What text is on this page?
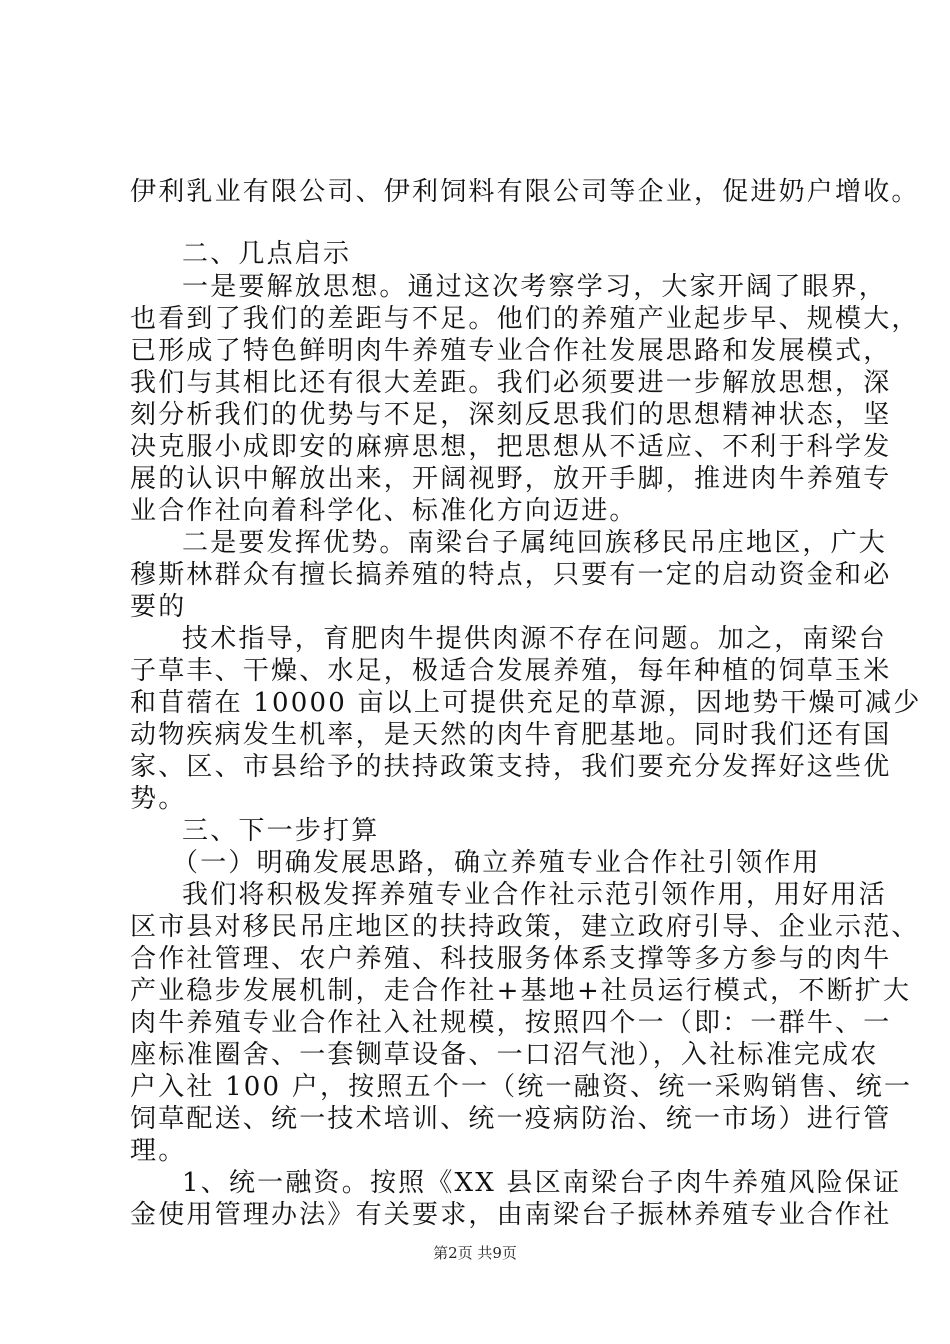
伊利乳业有限公司、伊利饲料有限公司等企业，促进奶户增收。
二、几点启示
一是要解放思想。通过这次考察学习，大家开阔了眼界，
也看到了我们的差距与不足。他们的养殖产业起步早、规模大，
已形成了特色鲜明肉牛养殖专业合作社发展思路和发展模式，
我们与其相比还有很大差距。我们必须要进一步解放思想，深
刻分析我们的优势与不足，深刻反思我们的思想精神状态，坚
决克服小成即安的麻痹思想，把思想从不适应、不利于科学发
展的认识中解放出来，开阔视野，放开手脚，推进肉牛养殖专
业合作社向着科学化、标准化方向迈进。
二是要发挥优势。南梁台子属纯回族移民吊庄地区，广大
穆斯林群众有擅长搞养殖的特点，只要有一定的启动资金和必
要的
技术指导，育肥肉牛提供肉源不存在问题。加之，南梁台
子草丰、干燥、水足，极适合发展养殖，每年种植的饲草玉米
和苜蓿在 10000 亩以上可提供充足的草源，因地势干燥可减少
动物疾病发生机率，是天然的肉牛育肥基地。同时我们还有国
家、区、市县给予的扶持政策支持，我们要充分发挥好这些优
势。
三、下一步打算
（一）明确发展思路，确立养殖专业合作社引领作用
我们将积极发挥养殖专业合作社示范引领作用，用好用活
区市县对移民吊庄地区的扶持政策，建立政府引导、企业示范、
合作社管理、农户养殖、科技服务体系支撑等多方参与的肉牛
产业稳步发展机制，走合作社+基地+社员运行模式，不断扩大
肉牛养殖专业合作社入社规模，按照四个一（即：一群牛、一
座标准圈舍、一套铡草设备、一口沼气池），入社标准完成农
户入社 100 户，按照五个一（统一融资、统一采购销售、统一
饲草配送、统一技术培训、统一疫病防治、统一市场）进行管
理。
1、统一融资。按照《XX 县区南梁台子肉牛养殖风险保证
金使用管理办法》有关要求，由南梁台子振林养殖专业合作社
第2页 共9页
